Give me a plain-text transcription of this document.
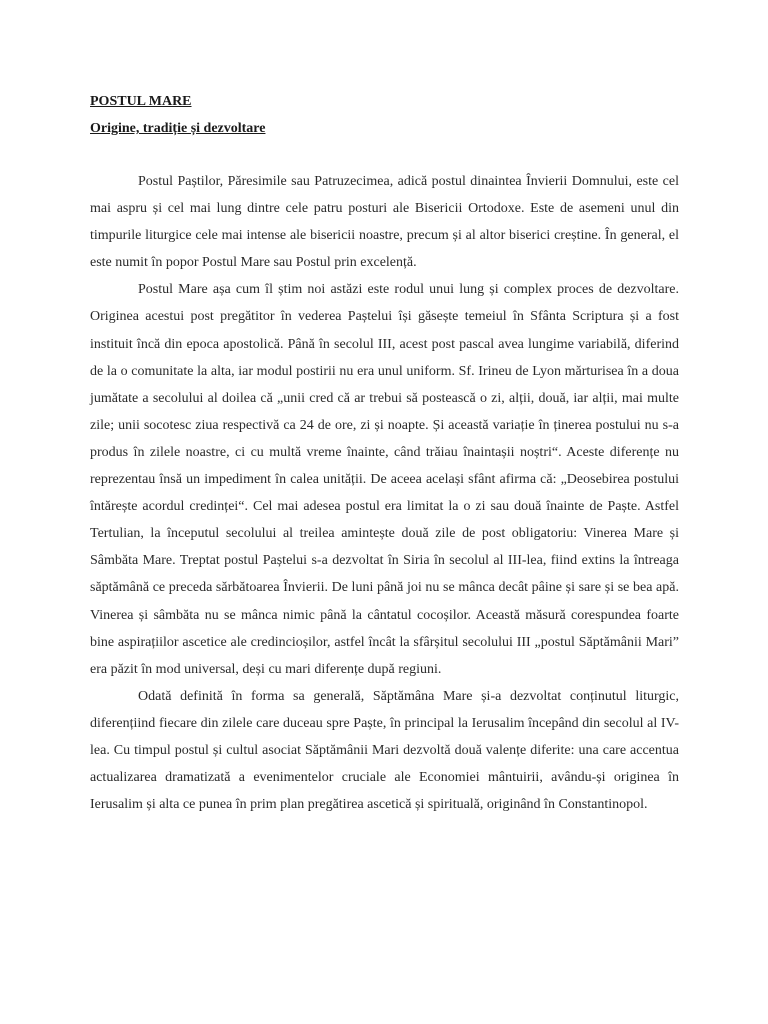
POSTUL MARE
Origine, tradiție și dezvoltare

Postul Paștilor, Păresimile sau Patruzecimea, adică postul dinaintea Învierii Domnului, este cel mai aspru și cel mai lung dintre cele patru posturi ale Bisericii Ortodoxe. Este de asemeni unul din timpurile liturgice cele mai intense ale bisericii noastre, precum și al altor biserici creștine. În general, el este numit în popor Postul Mare sau Postul prin excelență.

Postul Mare așa cum îl știm noi astăzi este rodul unui lung și complex proces de dezvoltare. Originea acestui post pregătitor în vederea Paștelui își găsește temeiul în Sfânta Scriptura și a fost instituit încă din epoca apostolică. Până în secolul III, acest post pascal avea lungime variabilă, diferind de la o comunitate la alta, iar modul postirii nu era unul uniform. Sf. Irineu de Lyon mărturisea în a doua jumătate a secolului al doilea că „unii cred că ar trebui să postească o zi, alții, două, iar alții, mai multe zile; unii socotesc ziua respectivă ca 24 de ore, zi și noapte. Și această variație în ținerea postului nu s-a produs în zilele noastre, ci cu multă vreme înainte, când trăiau înaintașii noștri“. Aceste diferențe nu reprezentau însă un impediment în calea unității. De aceea același sfânt afirma că: „Deosebirea postului întărește acordul credinței“. Cel mai adesea postul era limitat la o zi sau două înainte de Paște. Astfel Tertulian, la începutul secolului al treilea amintește două zile de post obligatoriu: Vinerea Mare și Sâmbăta Mare. Treptat postul Paștelui s-a dezvoltat în Siria în secolul al III-lea, fiind extins la întreaga săptămână ce preceda sărbătoarea Învierii. De luni până joi nu se mânca decât pâine și sare și se bea apă. Vinerea și sâmbăta nu se mânca nimic până la cântatul cocoșilor. Această măsură corespundea foarte bine aspirațiilor ascetice ale credincioșilor, astfel încât la sfârșitul secolului III „postul Săptămânii Mari” era păzit în mod universal, deși cu mari diferențe după regiuni.

Odată definită în forma sa generală, Săptămâna Mare și-a dezvoltat conținutul liturgic, diferențiind fiecare din zilele care duceau spre Paște, în principal la Ierusalim începând din secolul al IV-lea. Cu timpul postul și cultul asociat Săptămânii Mari dezvoltă două valențe diferite: una care accentua actualizarea dramatizată a evenimentelor cruciale ale Economiei mântuirii, avându-și originea în Ierusalim și alta ce punea în prim plan pregătirea ascetică și spirituală, originând în Constantinopol.
